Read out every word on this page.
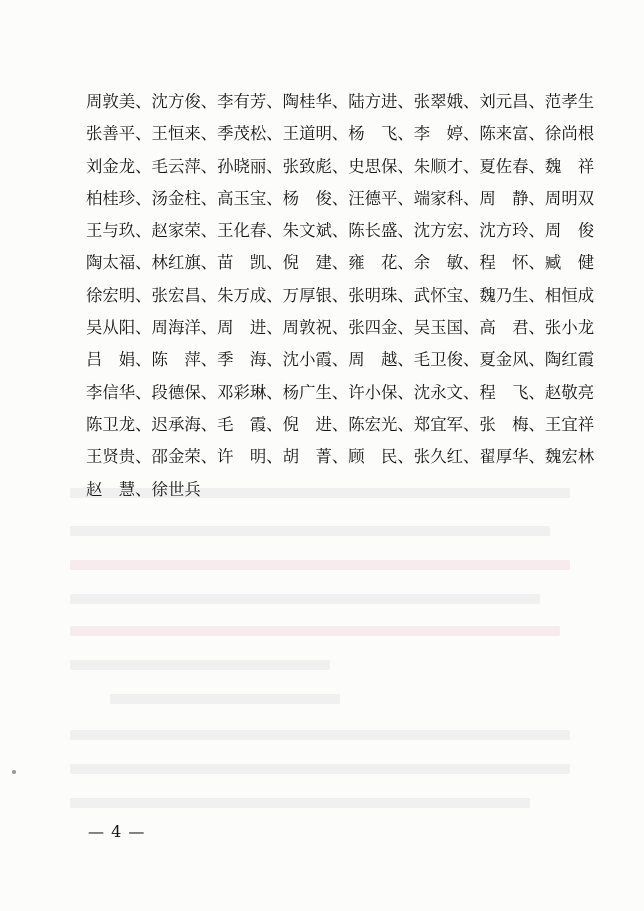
周敦美、沈方俊、李有芳、陶桂华、陆方进、张翠娥、刘元昌、范孝生
张善平、王恒来、季茂松、王道明、杨　飞、李　婷、陈来富、徐尚根
刘金龙、毛云萍、孙晓丽、张致彪、史思保、朱顺才、夏佐春、魏　祥
柏桂珍、汤金柱、高玉宝、杨　俊、汪德平、端家科、周　静、周明双
王与玖、赵家荣、王化春、朱文斌、陈长盛、沈方宏、沈方玲、周　俊
陶太福、林红旗、苗　凯、倪　建、雍　花、余　敏、程　怀、臧　健
徐宏明、张宏昌、朱万成、万厚银、张明珠、武怀宝、魏乃生、相恒成
吴从阳、周海洋、周　进、周敦祝、张四金、吴玉国、高　君、张小龙
吕　娟、陈　萍、季　海、沈小霞、周　越、毛卫俊、夏金风、陶红霞
李信华、段德保、邓彩琳、杨广生、许小保、沈永文、程　飞、赵敬亮
陈卫龙、迟承海、毛　霞、倪　进、陈宏光、郑宜军、张　梅、王宜祥
王贤贵、邵金荣、许　明、胡　菁、顾　民、张久红、翟厚华、魏宏林
赵　慧、徐世兵
— 4 —
